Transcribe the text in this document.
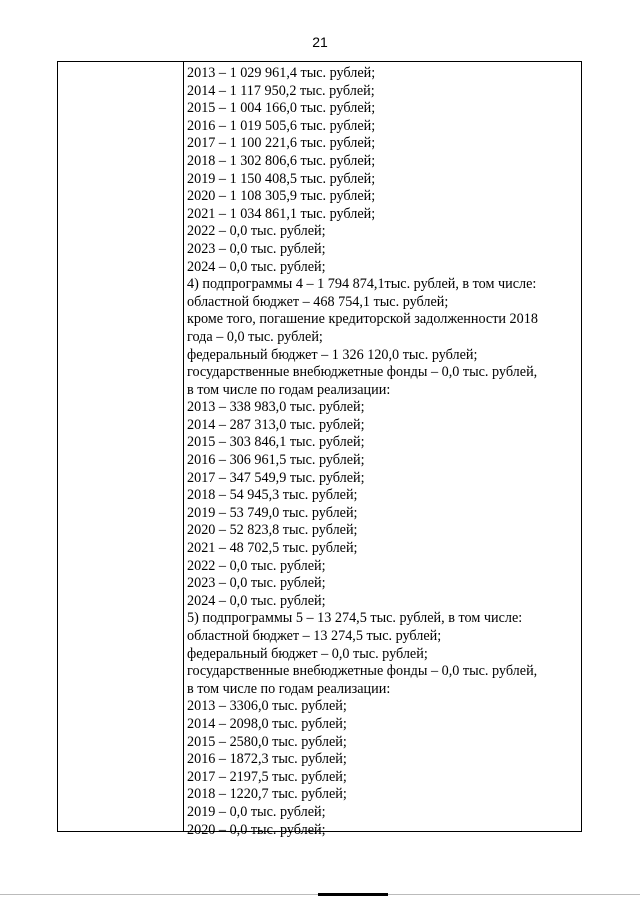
21
2013 – 1 029 961,4 тыс. рублей;
2014 – 1 117 950,2 тыс. рублей;
2015 – 1 004 166,0 тыс. рублей;
2016 – 1 019 505,6 тыс. рублей;
2017 – 1 100 221,6 тыс. рублей;
2018 – 1 302 806,6 тыс. рублей;
2019 – 1 150 408,5 тыс. рублей;
2020 – 1 108 305,9 тыс. рублей;
2021 – 1 034 861,1 тыс. рублей;
2022 – 0,0 тыс. рублей;
2023 – 0,0 тыс. рублей;
2024 – 0,0 тыс. рублей;
4) подпрограммы 4 – 1 794 874,1тыс. рублей, в том числе:
областной бюджет – 468 754,1 тыс. рублей;
кроме того, погашение кредиторской задолженности 2018
года – 0,0 тыс. рублей;
федеральный бюджет – 1 326 120,0 тыс. рублей;
государственные внебюджетные фонды – 0,0 тыс. рублей,
в том числе по годам реализации:
2013 – 338 983,0 тыс. рублей;
2014 – 287 313,0 тыс. рублей;
2015 – 303 846,1 тыс. рублей;
2016 – 306 961,5 тыс. рублей;
2017 – 347 549,9 тыс. рублей;
2018 – 54 945,3 тыс. рублей;
2019 – 53 749,0 тыс. рублей;
2020 – 52 823,8 тыс. рублей;
2021 – 48 702,5 тыс. рублей;
2022 – 0,0 тыс. рублей;
2023 – 0,0 тыс. рублей;
2024 – 0,0 тыс. рублей;
5) подпрограммы 5 – 13 274,5 тыс. рублей, в том числе:
областной бюджет – 13 274,5 тыс. рублей;
федеральный бюджет – 0,0 тыс. рублей;
государственные внебюджетные фонды – 0,0 тыс. рублей,
в том числе по годам реализации:
2013 – 3306,0 тыс. рублей;
2014 – 2098,0 тыс. рублей;
2015 – 2580,0 тыс. рублей;
2016 – 1872,3 тыс. рублей;
2017 – 2197,5 тыс. рублей;
2018 – 1220,7 тыс. рублей;
2019 – 0,0 тыс. рублей;
2020 – 0,0 тыс. рублей;
